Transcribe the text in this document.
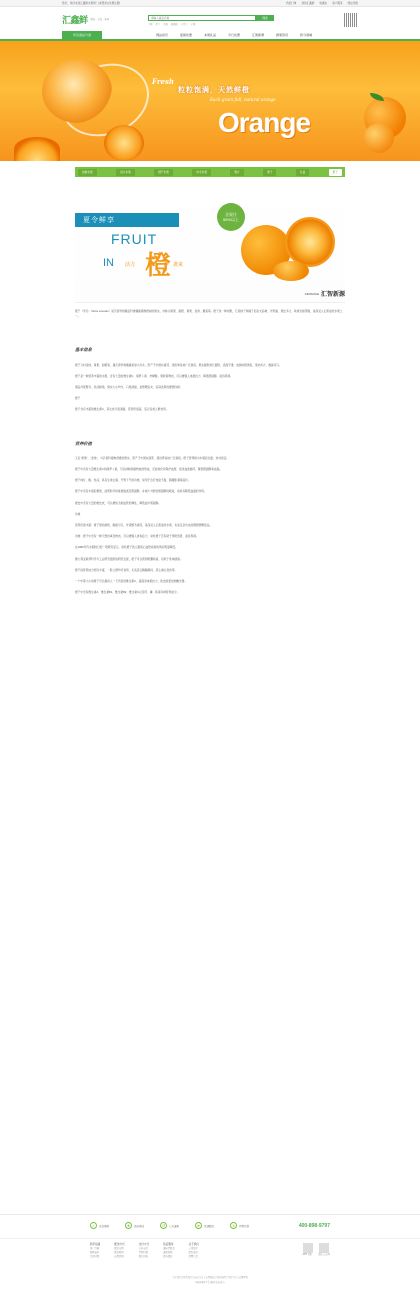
您好，欢迎来到汇鑫鲜水果网！[请登录] [免费注册]	我的订单 我的汇鑫鲜 收藏夹 客户服务 网站导航
汇鑫鲜 精选 · 天然 · 新鲜
请输入商品名称	搜索
苹果 橙子 香蕉 猕猴桃 车厘子 芒果
所有商品分类	网站首页	促销优惠	本周礼品	今日优惠	汇智新源	鲜果资讯	积分商城
Fresh
粒粒饱满，天然鲜橙
Each grain full, natural orange
Orange
热销水果	进口水果	国产水果	时令水果	果汁	果干	礼盒	橙子
夏令鲜享
FRUIT
IN 活力 橙 袭来
含果汁
55%以上
ADVANCE 汇智新源

橙子（学名：Citrus sinensis）是芸香科柑橘亚科柑橘属植物橙树的果实，亦称为黄果、甜橙、黄果、金球、鹅蛋等。橙子是一种柑果，它是柚子和橘子的杂交品种，外形圆、果皮多汁，味道甘甜带酸，是深受人们喜爱的水果之一。

基本信息

橙子又叫金球、黄果、甜橙等，属芸香科柑橘属常绿小乔木，原产于中国东南部，现世界各地广泛栽培。果实圆形或长圆形，表面平滑，成熟时橙黄色，果肉多汁，酸甜可口。

橙子是一种营养丰富的水果，含有大量的维生素C、胡萝卜素、柠檬酸、果胶等物质，可以增强人体抵抗力、降低胆固醇、美容养颜。

果品外观整齐，色泽鲜艳，果实大小均匀，口感清甜，是馈赠亲友、家庭食用的理想选择。

橙子

橙子含有丰富的维生素C，其生食口感清甜，营养价值高，适合各类人群食用。

营养价值

又名“黄果”、“金球”，为芸香科植物香橙的果实，原产于中国东南部，现世界各地广泛栽培。橙子营养极为丰富而全面，老幼皆宜。

橙子中含有大量维生素C和胡萝卜素，可以抑制致癌物质的形成，还能软化和保护血管，促进血液循环，降低胆固醇和血脂。

橙子味甘、酸、性凉，具有生津止渴、开胃下气的功效，常用于治疗食欲不振、胸腹胀满等症状。

橙子中含有丰富的果胶，能帮助尽快排泄脂类及胆固醇，并减少外源性胆固醇的吸收，故具有降低血脂的作用。

橙皮中含有大量的橙皮甙，可以增加毛细血管的弹性，降低血中胆固醇。

功效

营养价值丰富：橙子颜色鲜艳，酸甜可口，外观整齐漂亮，是深受人们喜爱的水果，也是走亲访友的理想馈赠佳品。

功效：橙子中含有一种天然抗氧化物质，可以增强人体免疫力，常吃橙子还有助于预防感冒、美容养颜。

在1980年代末期进行的一项研究显示，常吃橙子的人罹患心血管疾病的风险明显降低。

澳大利亚联邦科学与工业研究组织的研究发现，橙子可以预防胆囊疾病，有助于身体健康。

橙子的营养成分相当丰富，一般人群均可食用，尤其适合胸膈满闷、恶心欲吐者食用。

一个中等大小的橙子可以提供人一天所需的维生素C，提高身体抵抗力，使皮肤更加细嫩光滑。

橙子中含有维生素A、维生素B1、维生素B2、维生素C以及钙、磷、铁等多种营养成分。

✓	正品保障	★	品质保证	↺	七天退换	➤	急速配送	¥	货到付款	400-898-9797
新手指南
用户注册
购物流程
常见问题
配送方式
配送范围
配送时间
运费说明
支付方式
在线支付
货到付款
银行转账
售后服务
退换货政策
退款说明
投诉建议
关于我们
公司简介
联系我们
招聘信息
APP下载	微信公众号
关于我们 | 联系我们 | 商家入驻 | 友情链接 | 网站地图 | 营销中心 | 法律声明
Copyright © 汇鑫鲜 版权所有
